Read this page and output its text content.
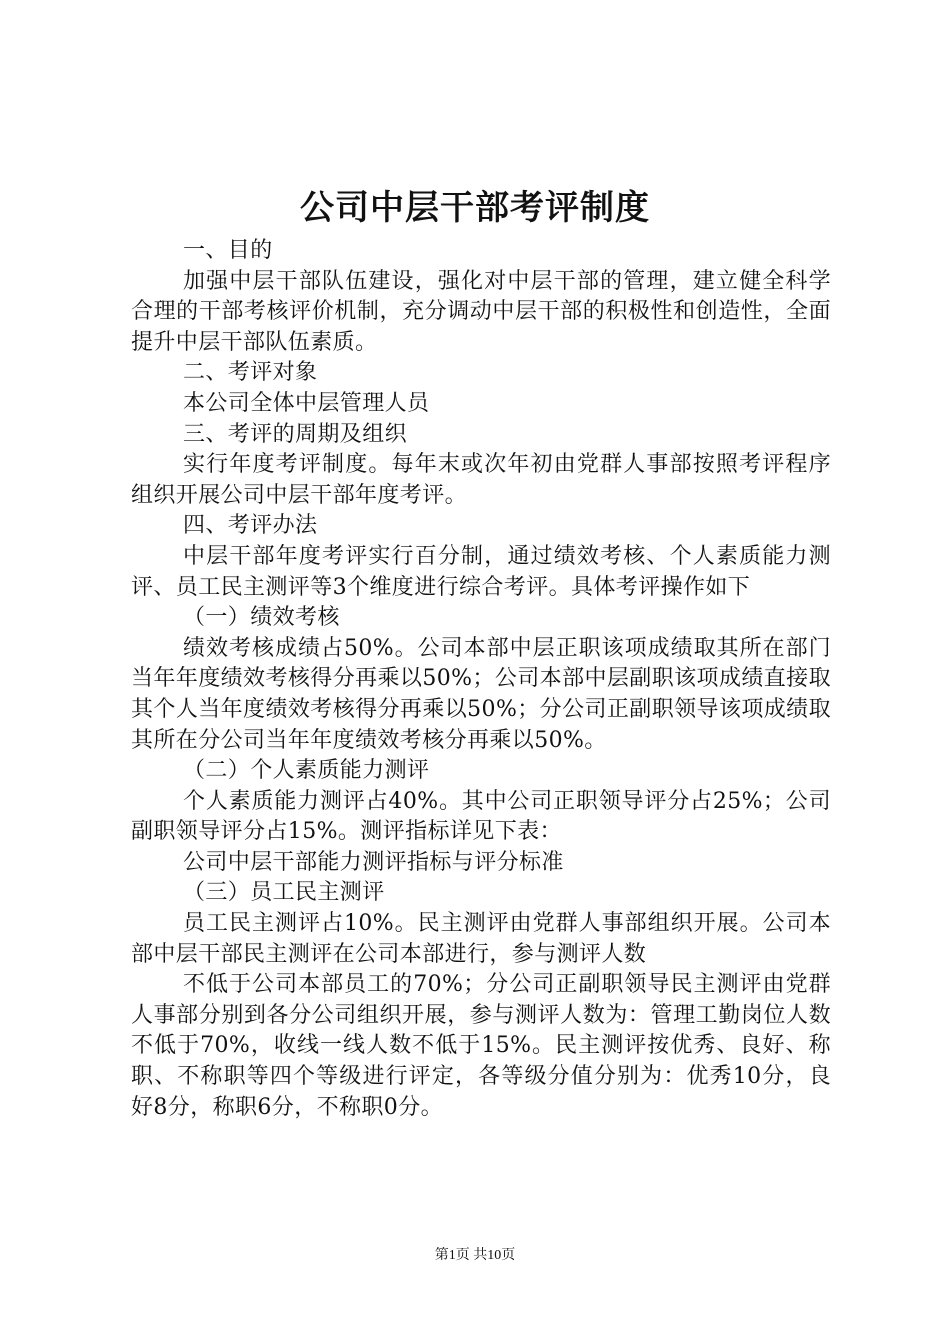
公司中层干部考评制度

一、目的

加强中层干部队伍建设，强化对中层干部的管理，建立健全科学合理的干部考核评价机制，充分调动中层干部的积极性和创造性，全面提升中层干部队伍素质。

二、考评对象

本公司全体中层管理人员

三、考评的周期及组织

实行年度考评制度。每年末或次年初由党群人事部按照考评程序组织开展公司中层干部年度考评。

四、考评办法

中层干部年度考评实行百分制，通过绩效考核、个人素质能力测评、员工民主测评等3个维度进行综合考评。具体考评操作如下

（一）绩效考核

绩效考核成绩占50%。公司本部中层正职该项成绩取其所在部门当年年度绩效考核得分再乘以50%；公司本部中层副职该项成绩直接取其个人当年度绩效考核得分再乘以50%；分公司正副职领导该项成绩取其所在分公司当年年度绩效考核分再乘以50%。

（二）个人素质能力测评

个人素质能力测评占40%。其中公司正职领导评分占25%；公司副职领导评分占15%。测评指标详见下表：

公司中层干部能力测评指标与评分标准

（三）员工民主测评

员工民主测评占10%。民主测评由党群人事部组织开展。公司本部中层干部民主测评在公司本部进行，参与测评人数

不低于公司本部员工的70%；分公司正副职领导民主测评由党群人事部分别到各分公司组织开展，参与测评人数为：管理工勤岗位人数不低于70%，收线一线人数不低于15%。民主测评按优秀、良好、称职、不称职等四个等级进行评定，各等级分值分别为：优秀10分，良好8分，称职6分，不称职0分。

第1页 共10页
